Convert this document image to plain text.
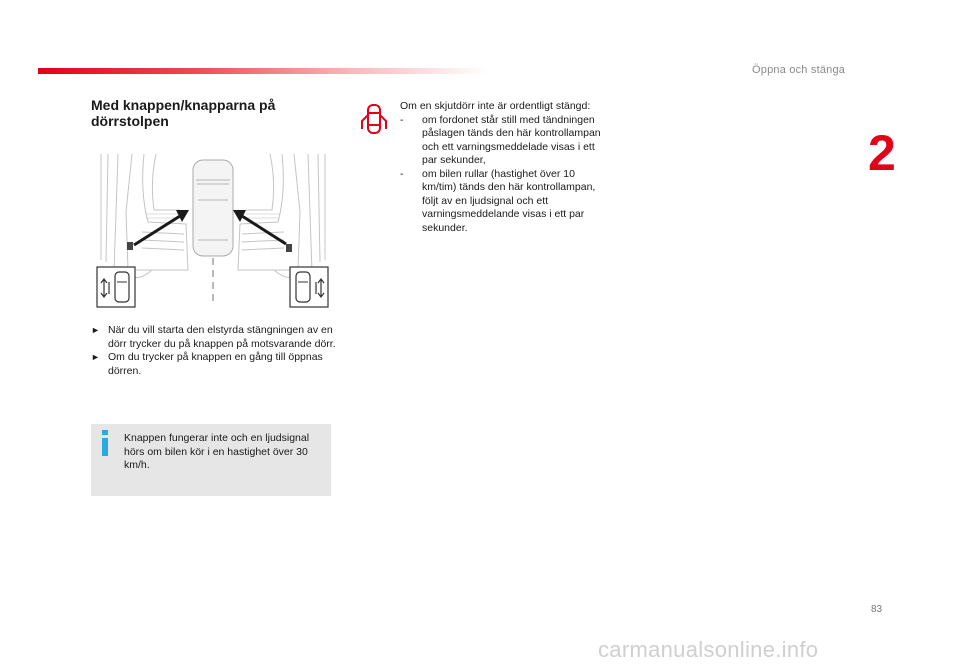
Öppna och stänga
2
Med knappen/knapparna på dörrstolpen
► När du vill starta den elstyrda stängningen av en dörr trycker du på knappen på motsvarande dörr.
► Om du trycker på knappen en gång till öppnas dörren.
Knappen fungerar inte och en ljudsignal hörs om bilen kör i en hastighet över 30 km/h.
Om en skjutdörr inte är ordentligt stängd:
- om fordonet står still med tändningen påslagen tänds den här kontrollampan och ett varningsmeddelade visas i ett par sekunder,
- om bilen rullar (hastighet över 10 km/tim) tänds den här kontrollampan, följt av en ljudsignal och ett varningsmeddelande visas i ett par sekunder.
83
carmanualsonline.info
